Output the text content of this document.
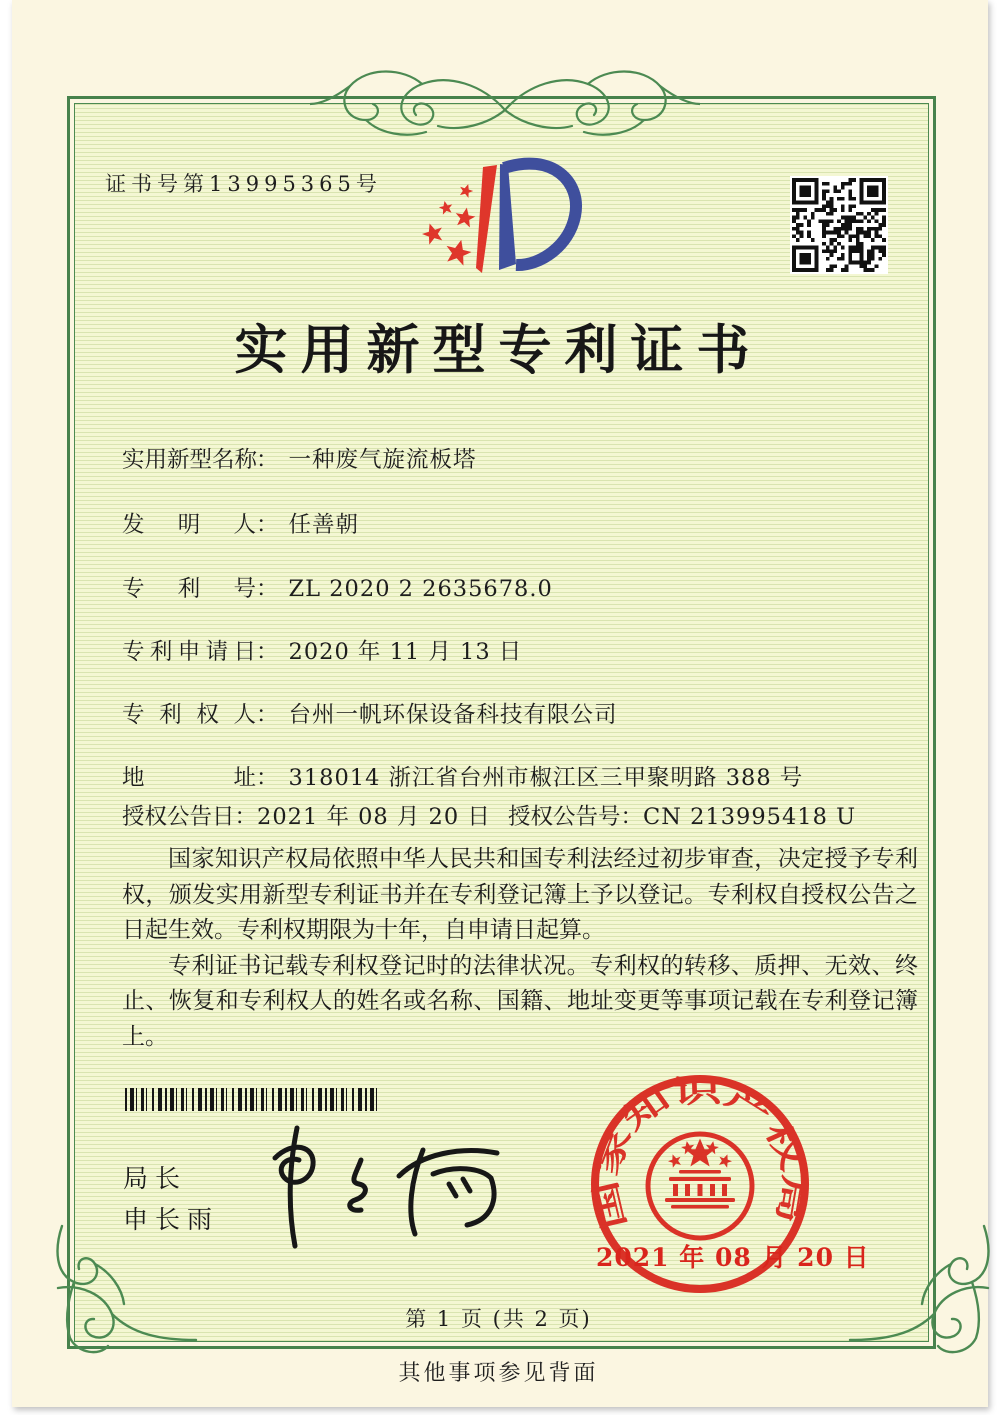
证书号第13995365号
实用新型专利证书
实用新型名称： 一种废气旋流板塔
发明人： 任善朝
专利号： ZL 2020 2 2635678.0
专利申请日： 2020 年 11 月 13 日
专利权人： 台州一帆环保设备科技有限公司
地址： 318014 浙江省台州市椒江区三甲聚明路 388 号
授权公告日：2021 年 08 月 20 日 授权公告号：CN 213995418 U

国家知识产权局依照中华人民共和国专利法经过初步审查，决定授予专利权，颁发实用新型专利证书并在专利登记簿上予以登记。专利权自授权公告之日起生效。专利权期限为十年，自申请日起算。

专利证书记载专利权登记时的法律状况。专利权的转移、质押、无效、终止、恢复和专利权人的姓名或名称、国籍、地址变更等事项记载在专利登记簿上。

局长
申长雨	国家知识产权局
2021 年 08 月 20 日
第 1 页 (共 2 页)
其他事项参见背面
